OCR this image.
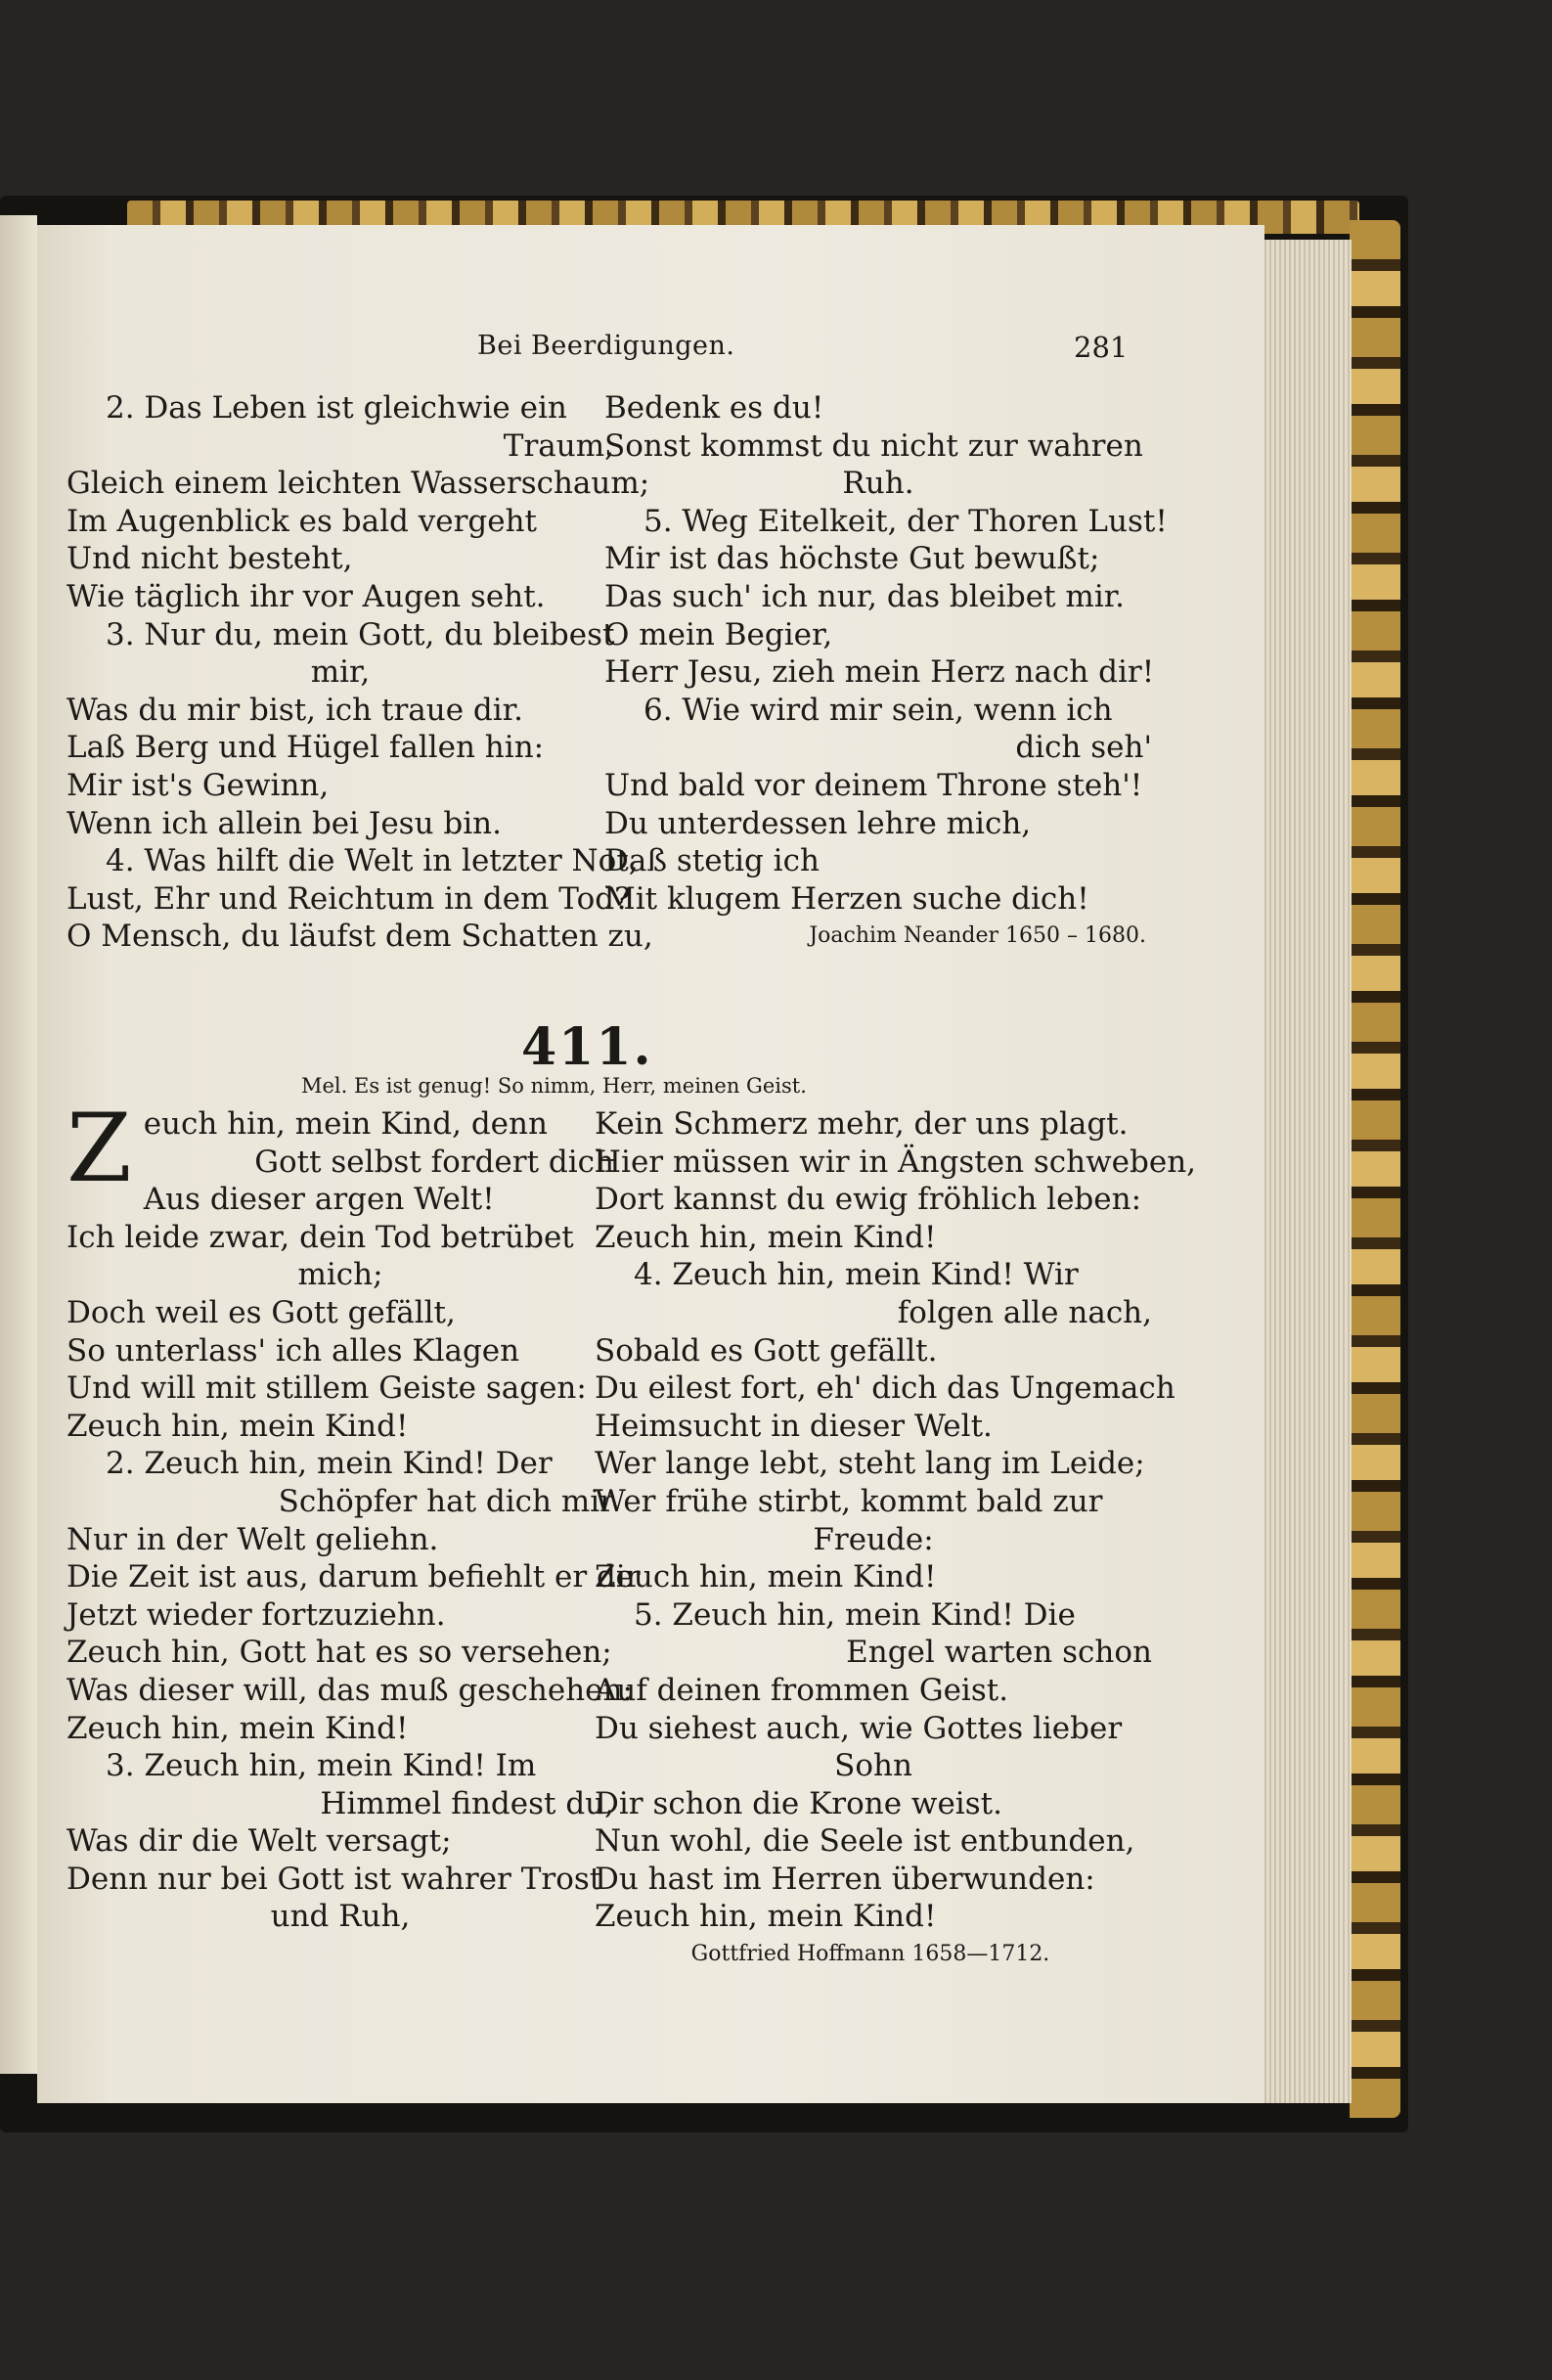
Bei Beerdigungen.	281
2. Das Leben ist gleichwie ein
Traum,
Gleich einem leichten Wasserschaum;
Im Augenblick es bald vergeht
Und nicht besteht,
Wie täglich ihr vor Augen seht.
3. Nur du, mein Gott, du bleibest
mir,
Was du mir bist, ich traue dir.
Laß Berg und Hügel fallen hin:
Mir ist's Gewinn,
Wenn ich allein bei Jesu bin.
4. Was hilft die Welt in letzter Not,
Lust, Ehr und Reichtum in dem Tod?
O Mensch, du läufst dem Schatten zu,
Bedenk es du!
Sonst kommst du nicht zur wahren
Ruh.
5. Weg Eitelkeit, der Thoren Lust!
Mir ist das höchste Gut bewußt;
Das such' ich nur, das bleibet mir.
O mein Begier,
Herr Jesu, zieh mein Herz nach dir!
6. Wie wird mir sein, wenn ich
dich seh'
Und bald vor deinem Throne steh'!
Du unterdessen lehre mich,
Daß stetig ich
Mit klugem Herzen suche dich!
Joachim Neander 1650 – 1680.
411.
Mel. Es ist genug! So nimm, Herr, meinen Geist.
Z euch hin, mein Kind, denn
Gott selbst fordert dich
Aus dieser argen Welt!
Ich leide zwar, dein Tod betrübet
mich;
Doch weil es Gott gefällt,
So unterlass' ich alles Klagen
Und will mit stillem Geiste sagen:
Zeuch hin, mein Kind!
2. Zeuch hin, mein Kind! Der
Schöpfer hat dich mir
Nur in der Welt geliehn.
Die Zeit ist aus, darum befiehlt er dir
Jetzt wieder fortzuziehn.
Zeuch hin, Gott hat es so versehen;
Was dieser will, das muß geschehen:
Zeuch hin, mein Kind!
3. Zeuch hin, mein Kind! Im
Himmel findest du,
Was dir die Welt versagt;
Denn nur bei Gott ist wahrer Trost
und Ruh,
Kein Schmerz mehr, der uns plagt.
Hier müssen wir in Ängsten schweben,
Dort kannst du ewig fröhlich leben:
Zeuch hin, mein Kind!
4. Zeuch hin, mein Kind! Wir
folgen alle nach,
Sobald es Gott gefällt.
Du eilest fort, eh' dich das Ungemach
Heimsucht in dieser Welt.
Wer lange lebt, steht lang im Leide;
Wer frühe stirbt, kommt bald zur
Freude:
Zeuch hin, mein Kind!
5. Zeuch hin, mein Kind! Die
Engel warten schon
Auf deinen frommen Geist.
Du siehest auch, wie Gottes lieber
Sohn
Dir schon die Krone weist.
Nun wohl, die Seele ist entbunden,
Du hast im Herren überwunden:
Zeuch hin, mein Kind!
Gottfried Hoffmann 1658—1712.
